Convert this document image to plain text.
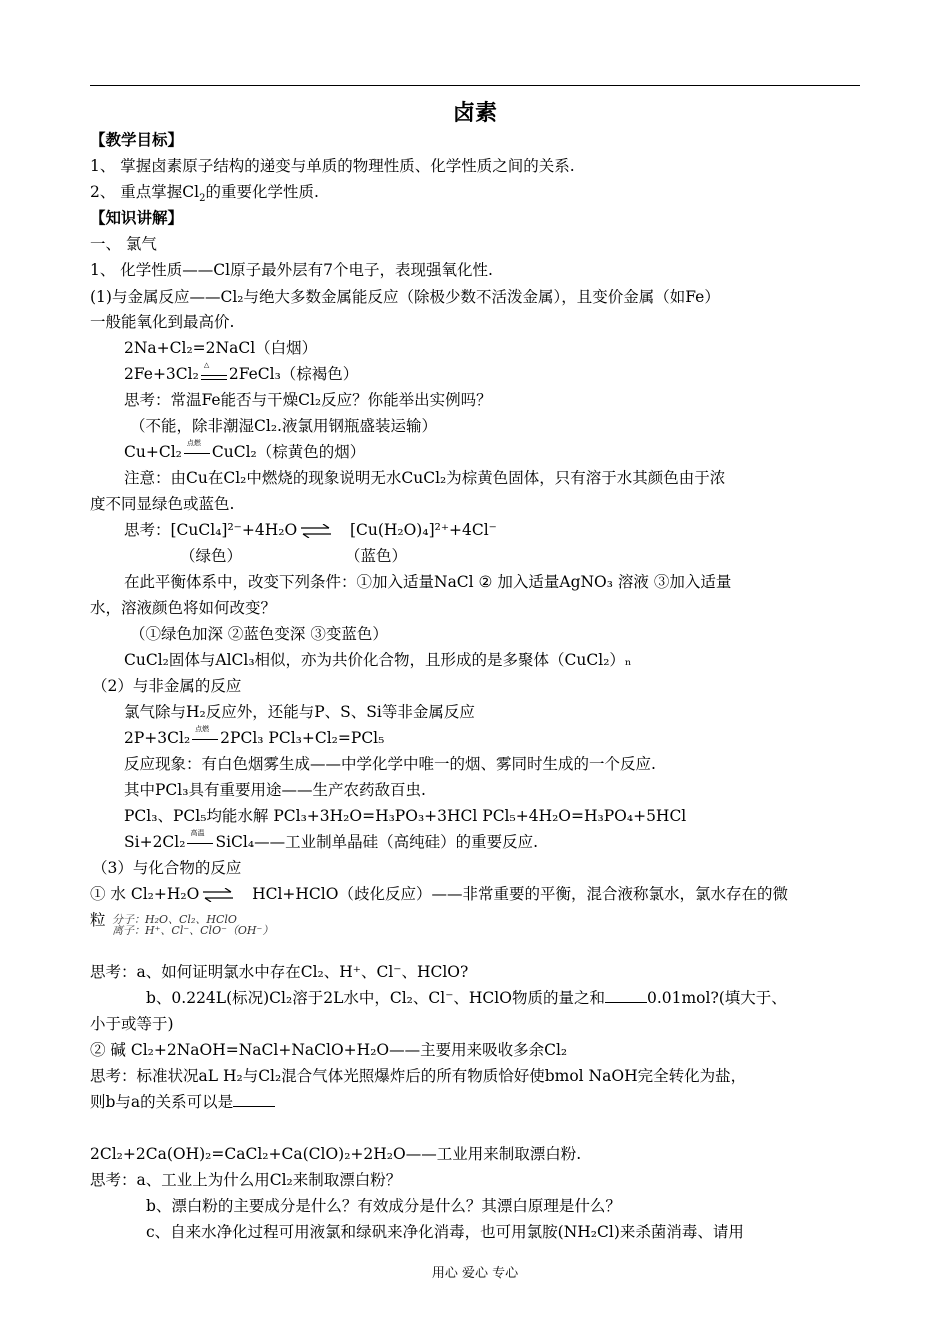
卤素
【教学目标】
1、 掌握卤素原子结构的递变与单质的物理性质、化学性质之间的关系.
2、 重点掌握$Cl_2$的重要化学性质.
【知识讲解】
一、 氯气
1、 化学性质——Cl原子最外层有7个电子，表现强氧化性.
(1)与金属反应——Cl₂与绝大多数金属能反应（除极少数不活泼金属），且变价金属（如Fe）
一般能氧化到最高价.
2Na+Cl₂=2NaCl（白烟）
2Fe+3Cl₂ △ 2FeCl₃（棕褐色）
思考：常温Fe能否与干燥Cl₂反应？你能举出实例吗？
（不能，除非潮湿Cl₂.液氯用钢瓶盛装运输）
Cu+Cl₂ 点燃 CuCl₂（棕黄色的烟）
注意：由Cu在Cl₂中燃烧的现象说明无水CuCl₂为棕黄色固体，只有溶于水其颜色由于浓
度不同显绿色或蓝色.
思考：[CuCl₄]²⁻+4H₂O ⇌ [Cu(H₂O)₄]²⁺+4Cl⁻
（绿色）	（蓝色）
在此平衡体系中，改变下列条件：①加入适量NaCl ② 加入适量AgNO₃ 溶液 ③加入适量
水，溶液颜色将如何改变？
（①绿色加深 ②蓝色变深 ③变蓝色）
CuCl₂固体与AlCl₃相似，亦为共价化合物，且形成的是多聚体（CuCl₂）ₙ
（2）与非金属的反应
氯气除与H₂反应外，还能与P、S、Si等非金属反应
2P+3Cl₂ 点燃 2PCl₃ PCl₃+Cl₂=PCl₅
反应现象：有白色烟雾生成——中学化学中唯一的烟、雾同时生成的一个反应.
其中PCl₃具有重要用途——生产农药敌百虫.
PCl₃、PCl₅均能水解 PCl₃+3H₂O=H₃PO₃+3HCl PCl₅+4H₂O=H₃PO₄+5HCl
Si+2Cl₂ 高温 SiCl₄——工业制单晶硅（高纯硅）的重要反应.
（3）与化合物的反应
① 水 Cl₂+H₂O ⇌ HCl+HClO（歧化反应）——非常重要的平衡，混合液称氯水，氯水存在的微
粒 分子：H₂O、Cl₂、HClO
离子：H⁺、Cl⁻、ClO⁻（OH⁻）
思考：a、如何证明氯水中存在Cl₂、H⁺、Cl⁻、HClO?
b、0.224L(标况)Cl₂溶于2L水中，Cl₂、Cl⁻、HClO物质的量之和	0.01mol?(填大于、
小于或等于)
② 碱 Cl₂+2NaOH=NaCl+NaClO+H₂O——主要用来吸收多余Cl₂
思考：标准状况aL H₂与Cl₂混合气体光照爆炸后的所有物质恰好使bmol NaOH完全转化为盐，
则b与a的关系可以是
2Cl₂+2Ca(OH)₂=CaCl₂+Ca(ClO)₂+2H₂O——工业用来制取漂白粉.
思考：a、工业上为什么用Cl₂来制取漂白粉？
b、漂白粉的主要成分是什么？有效成分是什么？其漂白原理是什么？
c、自来水净化过程可用液氯和绿矾来净化消毒，也可用氯胺(NH₂Cl)来杀菌消毒、请用
用心 爱心 专心
